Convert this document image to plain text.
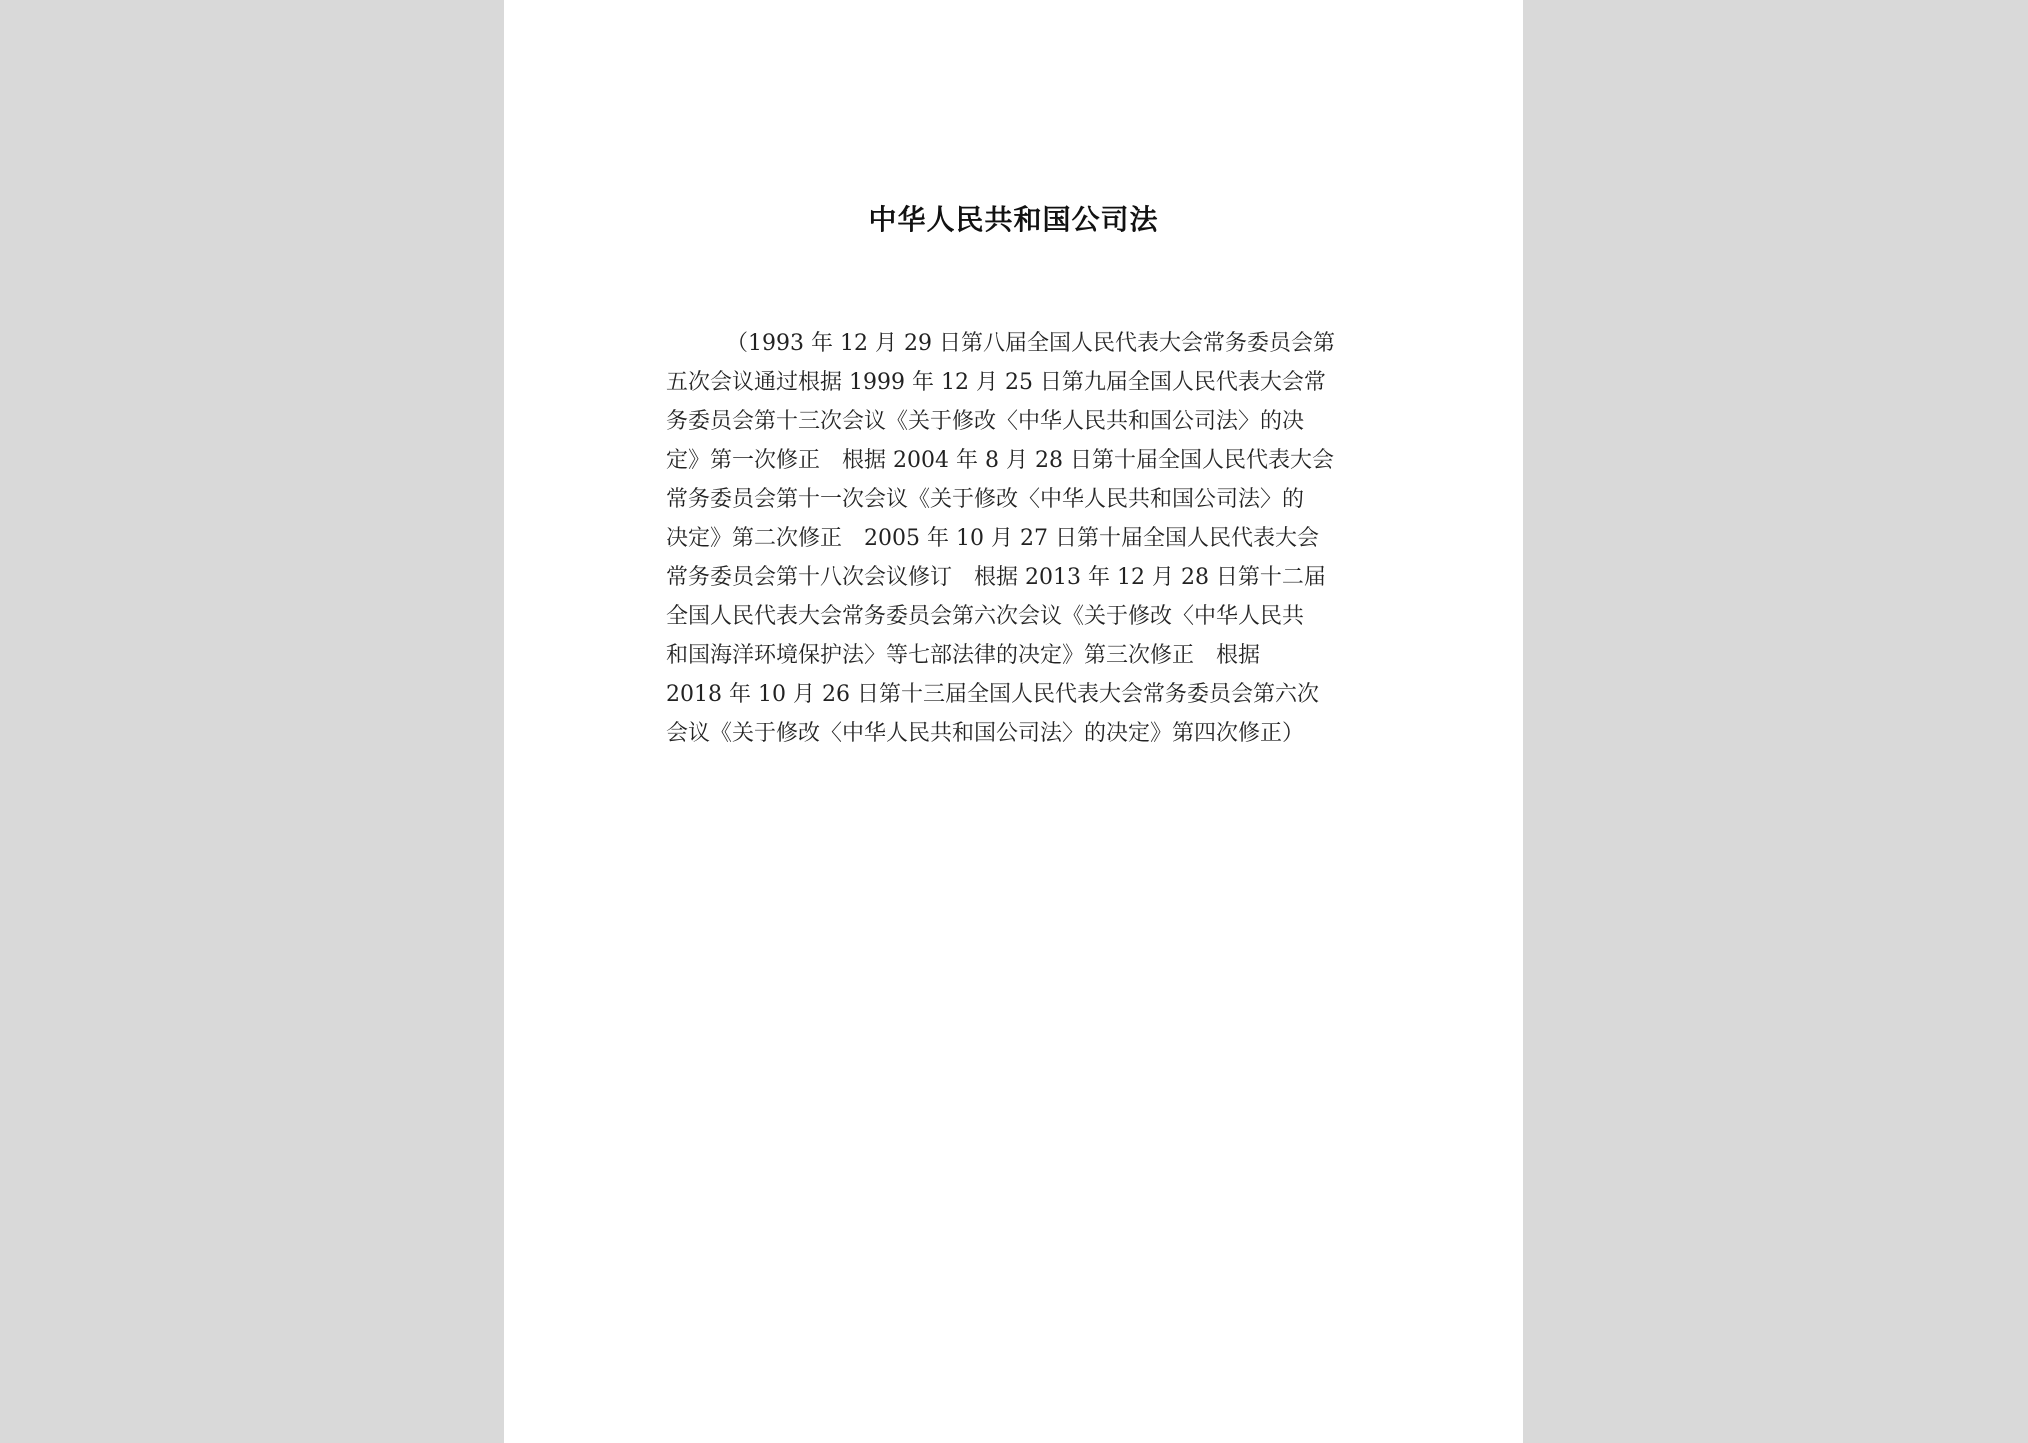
中华人民共和国公司法

（1993 年 12 月 29 日第八届全国人民代表大会常务委员会第
五次会议通过根据 1999 年 12 月 25 日第九届全国人民代表大会常
务委员会第十三次会议《关于修改〈中华人民共和国公司法〉的决
定》第一次修正　根据 2004 年 8 月 28 日第十届全国人民代表大会
常务委员会第十一次会议《关于修改〈中华人民共和国公司法〉的
决定》第二次修正　2005 年 10 月 27 日第十届全国人民代表大会
常务委员会第十八次会议修订　根据 2013 年 12 月 28 日第十二届
全国人民代表大会常务委员会第六次会议《关于修改〈中华人民共
和国海洋环境保护法〉等七部法律的决定》第三次修正　根据
2018 年 10 月 26 日第十三届全国人民代表大会常务委员会第六次
会议《关于修改〈中华人民共和国公司法〉的决定》第四次修正）
